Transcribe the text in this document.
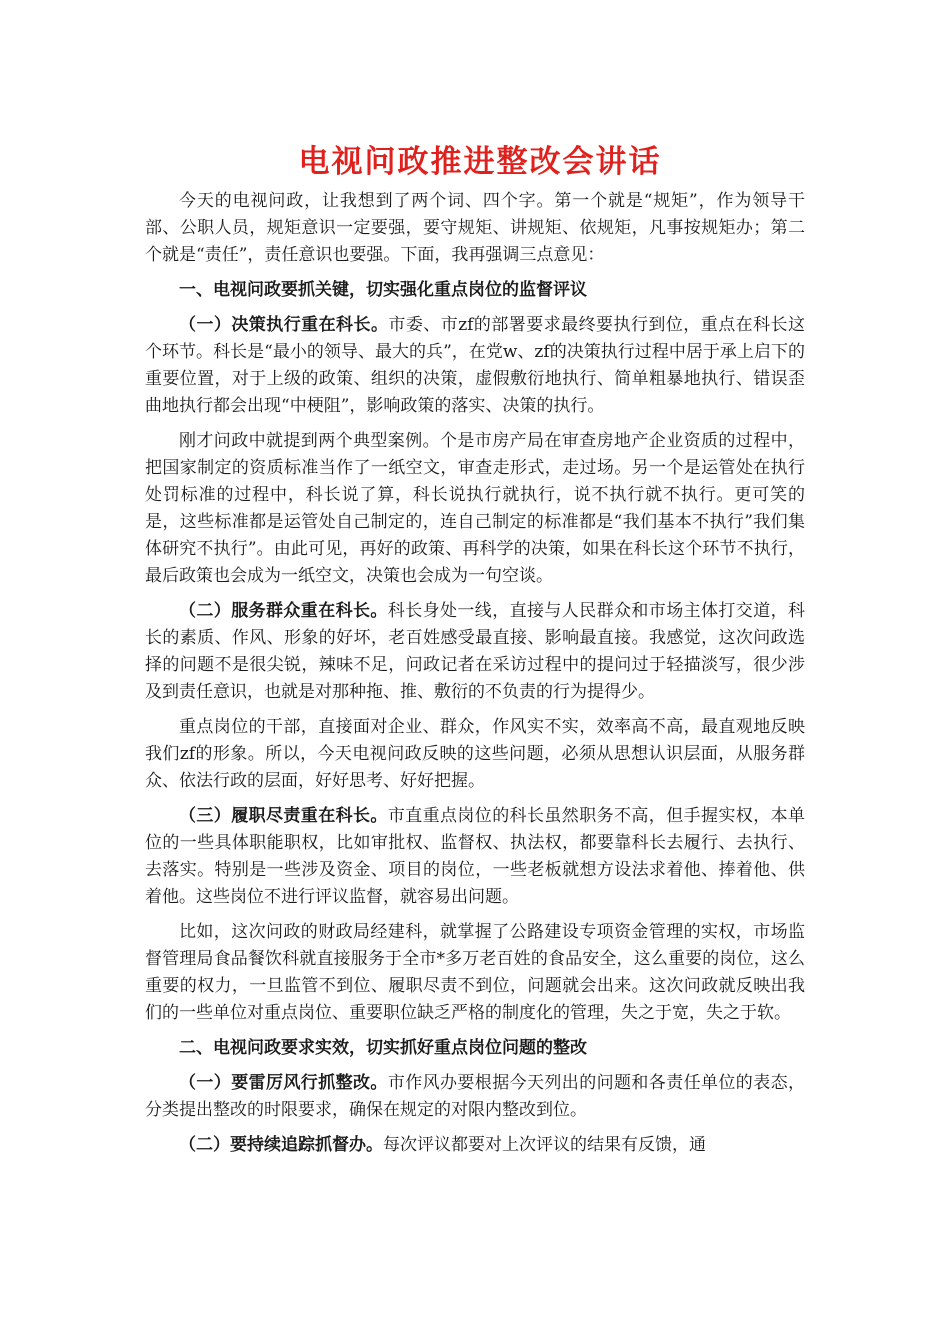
电视问政推进整改会讲话

今天的电视问政，让我想到了两个词、四个字。第一个就是“规矩”，作为领导干部、公职人员，规矩意识一定要强，要守规矩、讲规矩、依规矩，凡事按规矩办；第二个就是“责任”，责任意识也要强。下面，我再强调三点意见：

一、电视问政要抓关键，切实强化重点岗位的监督评议

（一）决策执行重在科长。市委、市zf的部署要求最终要执行到位，重点在科长这个环节。科长是“最小的领导、最大的兵”，在党w、zf的决策执行过程中居于承上启下的重要位置，对于上级的政策、组织的决策，虚假敷衍地执行、简单粗暴地执行、错误歪曲地执行都会出现“中梗阻”，影响政策的落实、决策的执行。

刚才问政中就提到两个典型案例。个是市房产局在审查房地产企业资质的过程中，把国家制定的资质标准当作了一纸空文，审查走形式，走过场。另一个是运管处在执行处罚标准的过程中，科长说了算，科长说执行就执行，说不执行就不执行。更可笑的是，这些标准都是运管处自己制定的，连自己制定的标准都是“我们基本不执行”我们集体研究不执行”。由此可见，再好的政策、再科学的决策，如果在科长这个环节不执行，最后政策也会成为一纸空文，决策也会成为一句空谈。

（二）服务群众重在科长。科长身处一线，直接与人民群众和市场主体打交道，科长的素质、作风、形象的好坏，老百姓感受最直接、影响最直接。我感觉，这次问政选择的问题不是很尖锐，辣味不足，问政记者在采访过程中的提问过于轻描淡写，很少涉及到责任意识，也就是对那种拖、推、敷衍的不负责的行为提得少。

重点岗位的干部，直接面对企业、群众，作风实不实，效率高不高，最直观地反映我们zf的形象。所以，今天电视问政反映的这些问题，必须从思想认识层面，从服务群众、依法行政的层面，好好思考、好好把握。

（三）履职尽责重在科长。市直重点岗位的科长虽然职务不高，但手握实权，本单位的一些具体职能职权，比如审批权、监督权、执法权，都要靠科长去履行、去执行、去落实。特别是一些涉及资金、项目的岗位，一些老板就想方设法求着他、捧着他、供着他。这些岗位不进行评议监督，就容易出问题。

比如，这次问政的财政局经建科，就掌握了公路建设专项资金管理的实权，市场监督管理局食品餐饮科就直接服务于全市*多万老百姓的食品安全，这么重要的岗位，这么重要的权力，一旦监管不到位、履职尽责不到位，问题就会出来。这次问政就反映出我们的一些单位对重点岗位、重要职位缺乏严格的制度化的管理，失之于宽，失之于软。

二、电视问政要求实效，切实抓好重点岗位问题的整改

（一）要雷厉风行抓整改。市作风办要根据今天列出的问题和各责任单位的表态，分类提出整改的时限要求，确保在规定的对限内整改到位。

（二）要持续追踪抓督办。每次评议都要对上次评议的结果有反馈，通
